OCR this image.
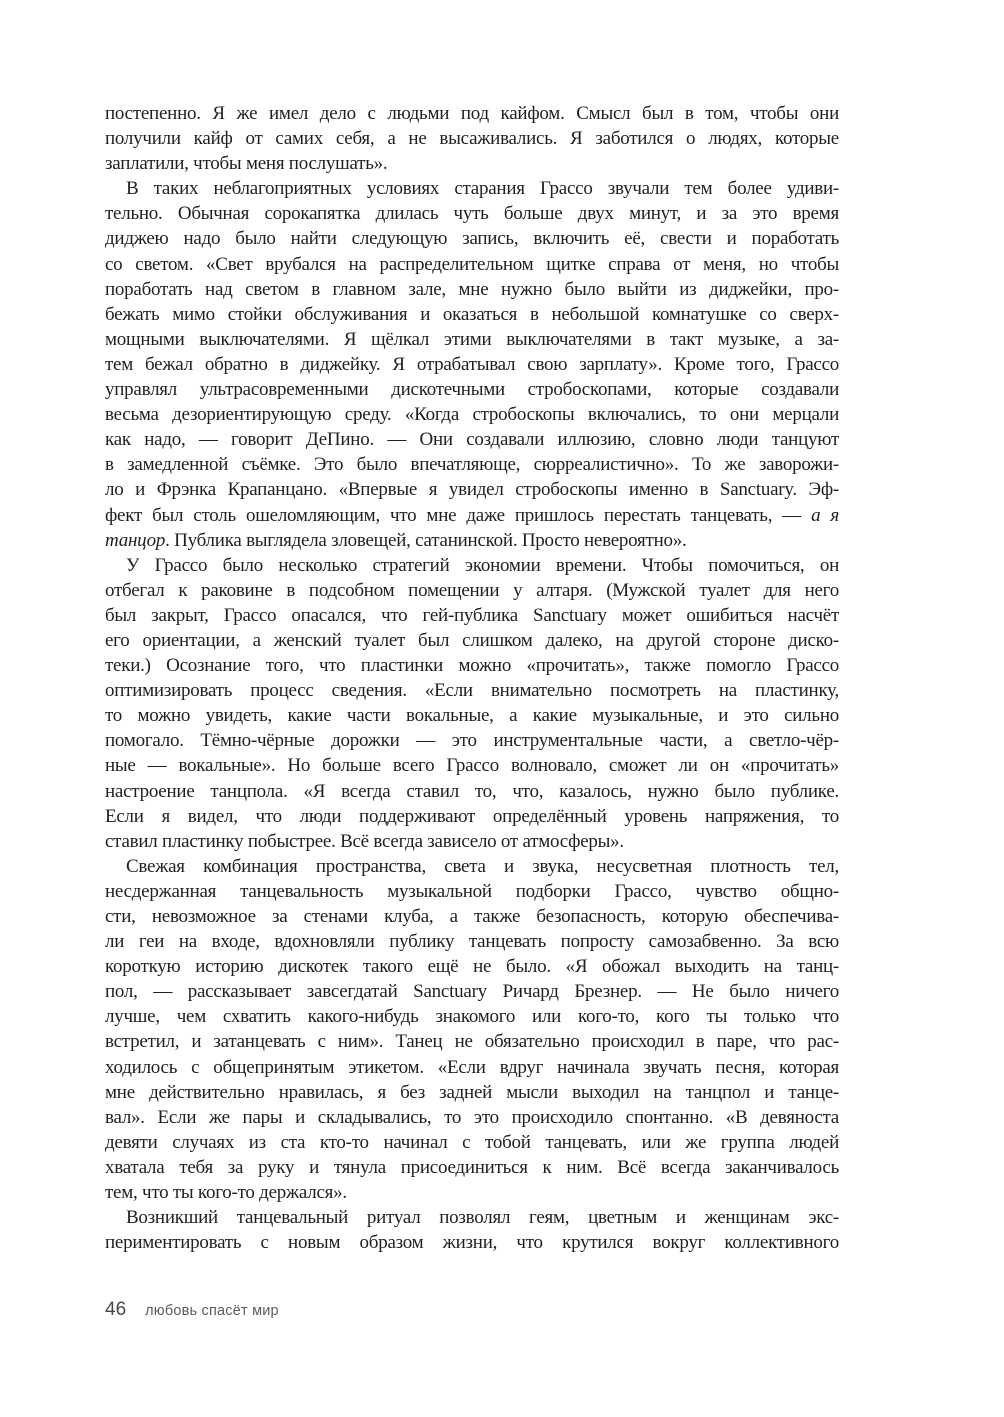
постепенно. Я же имел дело с людьми под кайфом. Смысл был в том, чтобы они
получили кайф от самих себя, а не высаживались. Я заботился о людях, которые
заплатили, чтобы меня послушать».
В таких неблагоприятных условиях старания Грассо звучали тем более удиви-
тельно. Обычная сорокапятка длилась чуть больше двух минут, и за это время
диджею надо было найти следующую запись, включить её, свести и поработать
со светом. «Свет врубался на распределительном щитке справа от меня, но чтобы
поработать над светом в главном зале, мне нужно было выйти из диджейки, про-
бежать мимо стойки обслуживания и оказаться в небольшой комнатушке со сверх-
мощными выключателями. Я щёлкал этими выключателями в такт музыке, а за-
тем бежал обратно в диджейку. Я отрабатывал свою зарплату». Кроме того, Грассо
управлял ультрасовременными дискотечными стробоскопами, которые создавали
весьма дезориентирующую среду. «Когда стробоскопы включались, то они мерцали
как надо, — говорит ДеПино. — Они создавали иллюзию, словно люди танцуют
в замедленной съёмке. Это было впечатляюще, сюрреалистично». То же заворожи-
ло и Фрэнка Крапанцано. «Впервые я увидел стробоскопы именно в Sanctuary. Эф-
фект был столь ошеломляющим, что мне даже пришлось перестать танцевать, — а я
танцор. Публика выглядела зловещей, сатанинской. Просто невероятно».
У Грассо было несколько стратегий экономии времени. Чтобы помочиться, он
отбегал к раковине в подсобном помещении у алтаря. (Мужской туалет для него
был закрыт, Грассо опасался, что гей-публика Sanctuary может ошибиться насчёт
его ориентации, а женский туалет был слишком далеко, на другой стороне диско-
теки.) Осознание того, что пластинки можно «прочитать», также помогло Грассо
оптимизировать процесс сведения. «Если внимательно посмотреть на пластинку,
то можно увидеть, какие части вокальные, а какие музыкальные, и это сильно
помогало. Тёмно-чёрные дорожки — это инструментальные части, а светло-чёр-
ные — вокальные». Но больше всего Грассо волновало, сможет ли он «прочитать»
настроение танцпола. «Я всегда ставил то, что, казалось, нужно было публике.
Если я видел, что люди поддерживают определённый уровень напряжения, то
ставил пластинку побыстрее. Всё всегда зависело от атмосферы».
Свежая комбинация пространства, света и звука, несусветная плотность тел,
несдержанная танцевальность музыкальной подборки Грассо, чувство общно-
сти, невозможное за стенами клуба, а также безопасность, которую обеспечива-
ли геи на входе, вдохновляли публику танцевать попросту самозабвенно. За всю
короткую историю дискотек такого ещё не было. «Я обожал выходить на танц-
пол, — рассказывает завсегдатай Sanctuary Ричард Брезнер. — Не было ничего
лучше, чем схватить какого-нибудь знакомого или кого-то, кого ты только что
встретил, и затанцевать с ним». Танец не обязательно происходил в паре, что рас-
ходилось с общепринятым этикетом. «Если вдруг начинала звучать песня, которая
мне действительно нравилась, я без задней мысли выходил на танцпол и танце-
вал». Если же пары и складывались, то это происходило спонтанно. «В девяноста
девяти случаях из ста кто-то начинал с тобой танцевать, или же группа людей
хватала тебя за руку и тянула присоединиться к ним. Всё всегда заканчивалось
тем, что ты кого-то держался».
Возникший танцевальный ритуал позволял геям, цветным и женщинам экс-
периментировать с новым образом жизни, что крутился вокруг коллективного
46 любовь спасёт мир
